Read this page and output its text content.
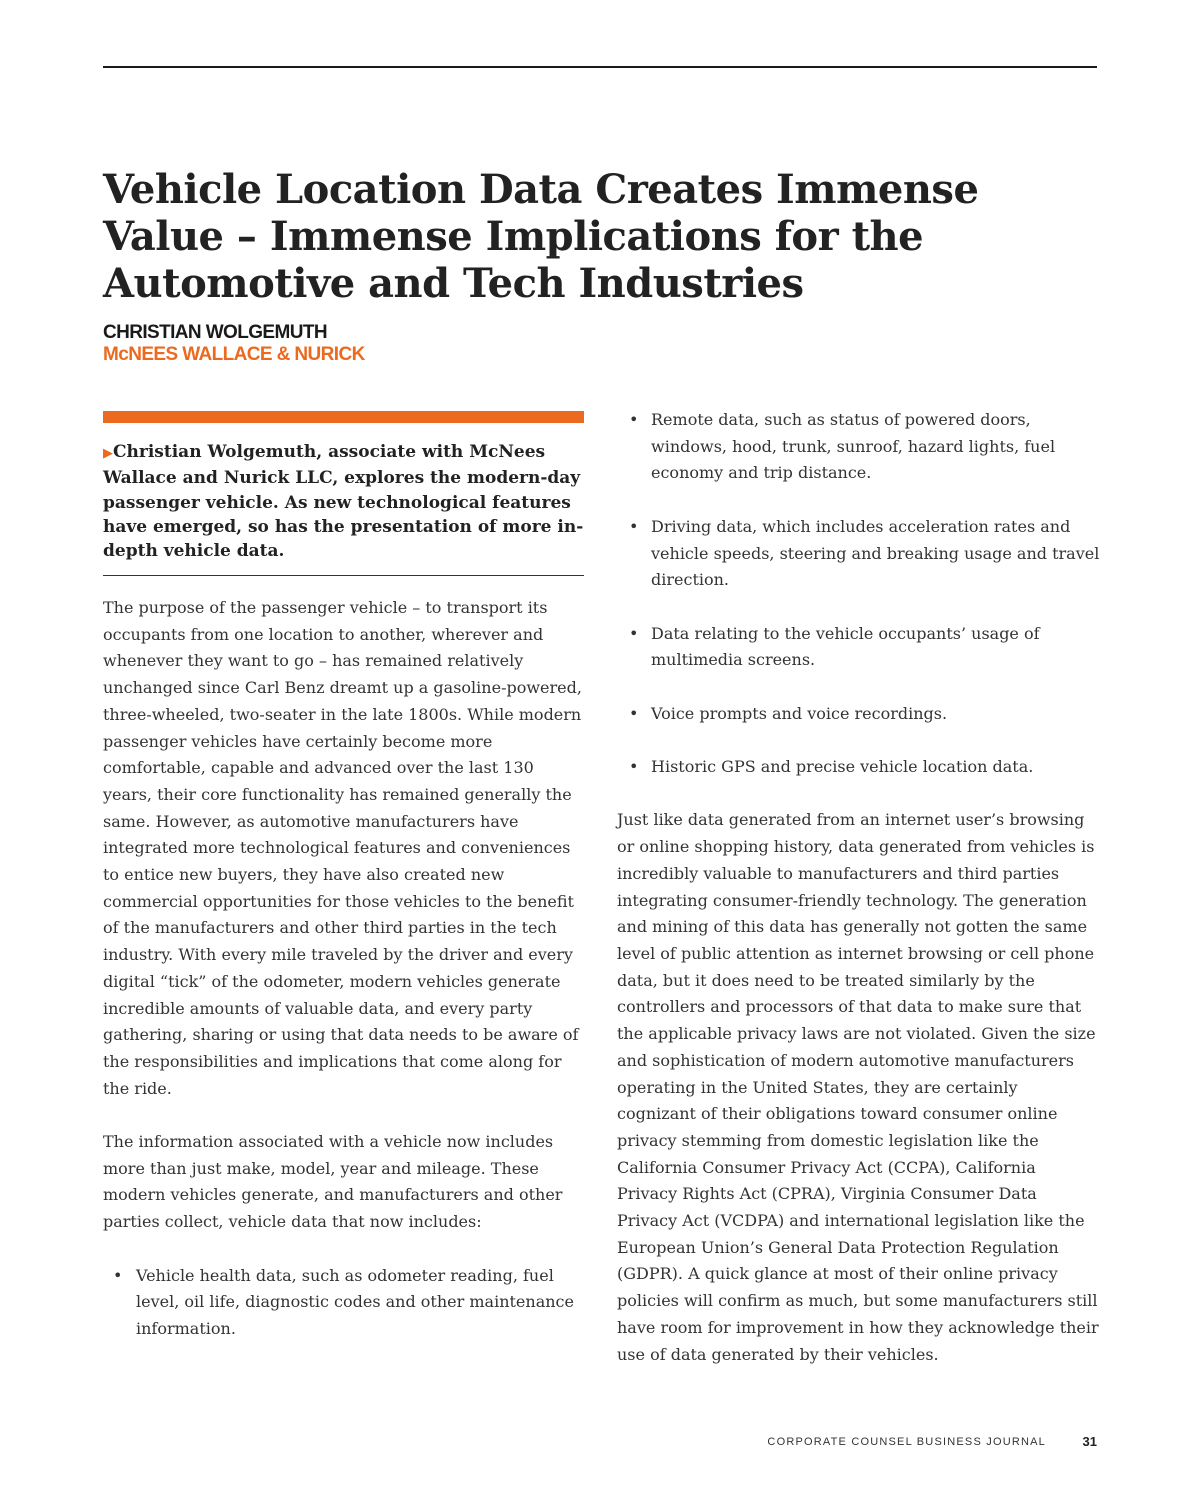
Vehicle Location Data Creates Immense Value – Immense Implications for the Automotive and Tech Industries
CHRISTIAN WOLGEMUTH
McNEES WALLACE & NURICK

▶Christian Wolgemuth, associate with McNees Wallace and Nurick LLC, explores the modern-day passenger vehicle. As new technological features have emerged, so has the presentation of more in-depth vehicle data.

The purpose of the passenger vehicle – to transport its occupants from one location to another, wherever and whenever they want to go – has remained relatively unchanged since Carl Benz dreamt up a gasoline-powered, three-wheeled, two-seater in the late 1800s. While modern passenger vehicles have certainly become more comfortable, capable and advanced over the last 130 years, their core functionality has remained generally the same. However, as automotive manufacturers have integrated more technological features and conveniences to entice new buyers, they have also created new commercial opportunities for those vehicles to the benefit of the manufacturers and other third parties in the tech industry. With every mile traveled by the driver and every digital “tick” of the odometer, modern vehicles generate incredible amounts of valuable data, and every party gathering, sharing or using that data needs to be aware of the responsibilities and implications that come along for the ride.

The information associated with a vehicle now includes more than just make, model, year and mileage. These modern vehicles generate, and manufacturers and other parties collect, vehicle data that now includes:

• Vehicle health data, such as odometer reading, fuel level, oil life, diagnostic codes and other maintenance information.
• Remote data, such as status of powered doors, windows, hood, trunk, sunroof, hazard lights, fuel economy and trip distance.
• Driving data, which includes acceleration rates and vehicle speeds, steering and breaking usage and travel direction.
• Data relating to the vehicle occupants’ usage of multimedia screens.
• Voice prompts and voice recordings.
• Historic GPS and precise vehicle location data.

Just like data generated from an internet user’s browsing or online shopping history, data generated from vehicles is incredibly valuable to manufacturers and third parties integrating consumer-friendly technology. The generation and mining of this data has generally not gotten the same level of public attention as internet browsing or cell phone data, but it does need to be treated similarly by the controllers and processors of that data to make sure that the applicable privacy laws are not violated. Given the size and sophistication of modern automotive manufacturers operating in the United States, they are certainly cognizant of their obligations toward consumer online privacy stemming from domestic legislation like the California Consumer Privacy Act (CCPA), California Privacy Rights Act (CPRA), Virginia Consumer Data Privacy Act (VCDPA) and international legislation like the European Union’s General Data Protection Regulation (GDPR). A quick glance at most of their online privacy policies will confirm as much, but some manufacturers still have room for improvement in how they acknowledge their use of data generated by their vehicles.

CORPORATE COUNSEL BUSINESS JOURNAL	31
